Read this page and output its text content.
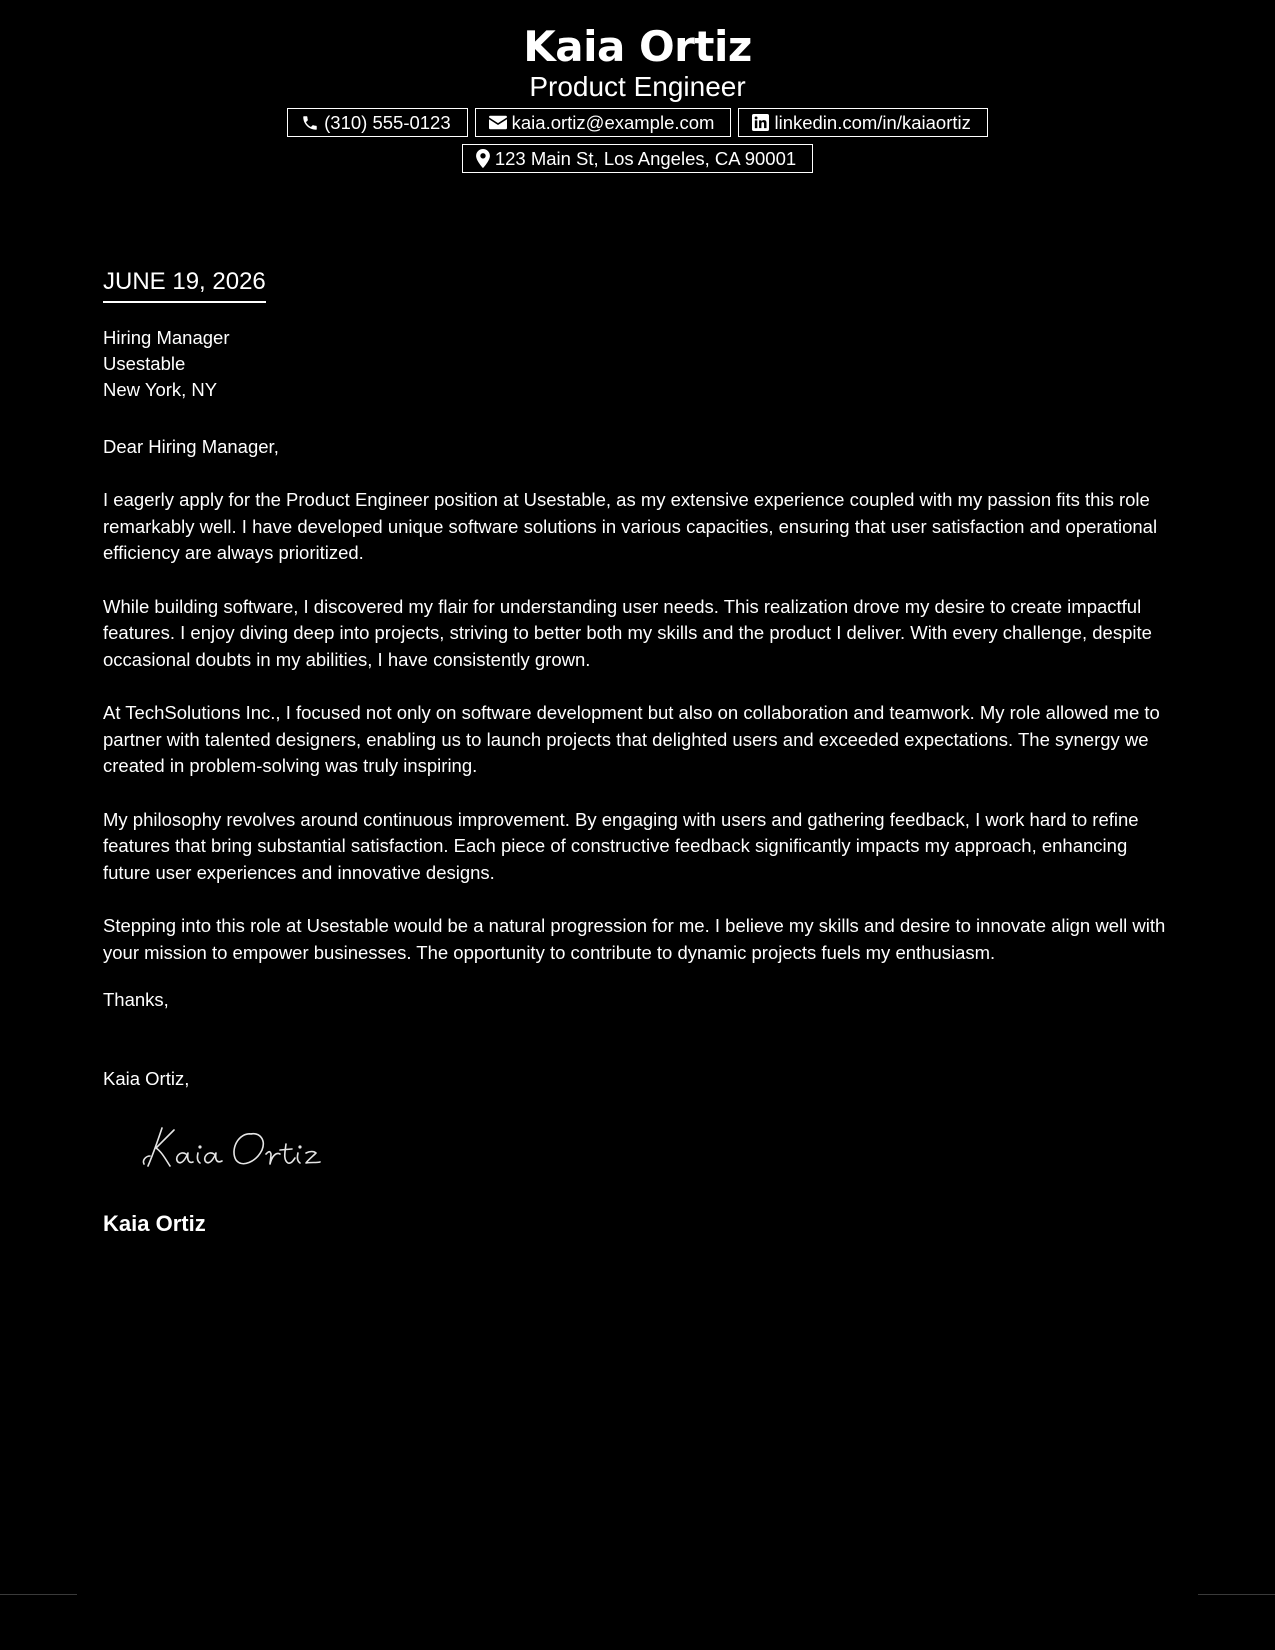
Kaia Ortiz
Product Engineer
(310) 555-0123	kaia.ortiz@example.com	linkedin.com/in/kaiaortiz
123 Main St, Los Angeles, CA 90001
JUNE 19, 2026
Hiring Manager
Usestable
New York, NY
Dear Hiring Manager,

I eagerly apply for the Product Engineer position at Usestable, as my extensive experience coupled with my passion fits this role remarkably well. I have developed unique software solutions in various capacities, ensuring that user satisfaction and operational efficiency are always prioritized.

While building software, I discovered my flair for understanding user needs. This realization drove my desire to create impactful features. I enjoy diving deep into projects, striving to better both my skills and the product I deliver. With every challenge, despite occasional doubts in my abilities, I have consistently grown.

At TechSolutions Inc., I focused not only on software development but also on collaboration and teamwork. My role allowed me to partner with talented designers, enabling us to launch projects that delighted users and exceeded expectations. The synergy we created in problem-solving was truly inspiring.

My philosophy revolves around continuous improvement. By engaging with users and gathering feedback, I work hard to refine features that bring substantial satisfaction. Each piece of constructive feedback significantly impacts my approach, enhancing future user experiences and innovative designs.

Stepping into this role at Usestable would be a natural progression for me. I believe my skills and desire to innovate align well with your mission to empower businesses. The opportunity to contribute to dynamic projects fuels my enthusiasm.

Thanks,
Kaia Ortiz,
Kaia Ortiz
